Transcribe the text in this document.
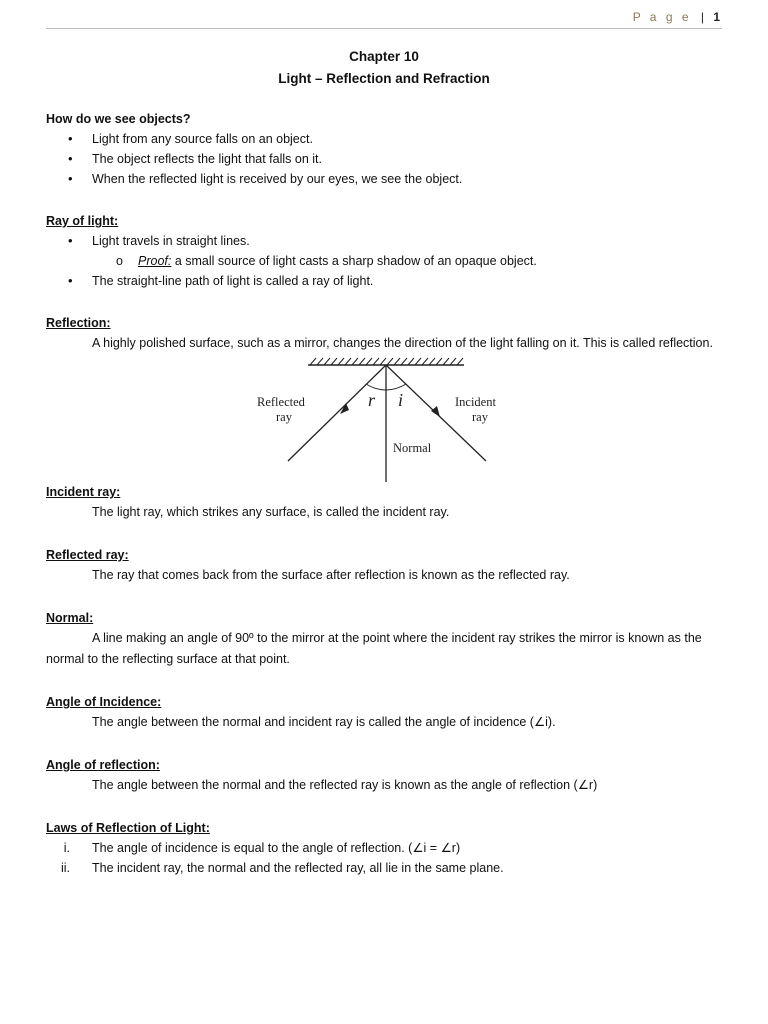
P a g e | 1
Chapter 10
Light – Reflection and Refraction
How do we see objects?
• Light from any source falls on an object.
• The object reflects the light that falls on it.
• When the reflected light is received by our eyes, we see the object.
Ray of light:
• Light travels in straight lines.
o Proof: a small source of light casts a sharp shadow of an opaque object.
• The straight-line path of light is called a ray of light.
Reflection:

A highly polished surface, such as a mirror, changes the direction of the light falling on it. This is called reflection.

r i
Reflected
ray
Incident
ray
Normal
Incident ray:

The light ray, which strikes any surface, is called the incident ray.

Reflected ray:

The ray that comes back from the surface after reflection is known as the reflected ray.

Normal:

A line making an angle of 90º to the mirror at the point where the incident ray strikes the mirror is known as the normal to the reflecting surface at that point.

Angle of Incidence:

The angle between the normal and incident ray is called the angle of incidence (∠i).

Angle of reflection:

The angle between the normal and the reflected ray is known as the angle of reflection (∠r)

Laws of Reflection of Light:
i. The angle of incidence is equal to the angle of reflection. (∠i = ∠r)
ii. The incident ray, the normal and the reflected ray, all lie in the same plane.
